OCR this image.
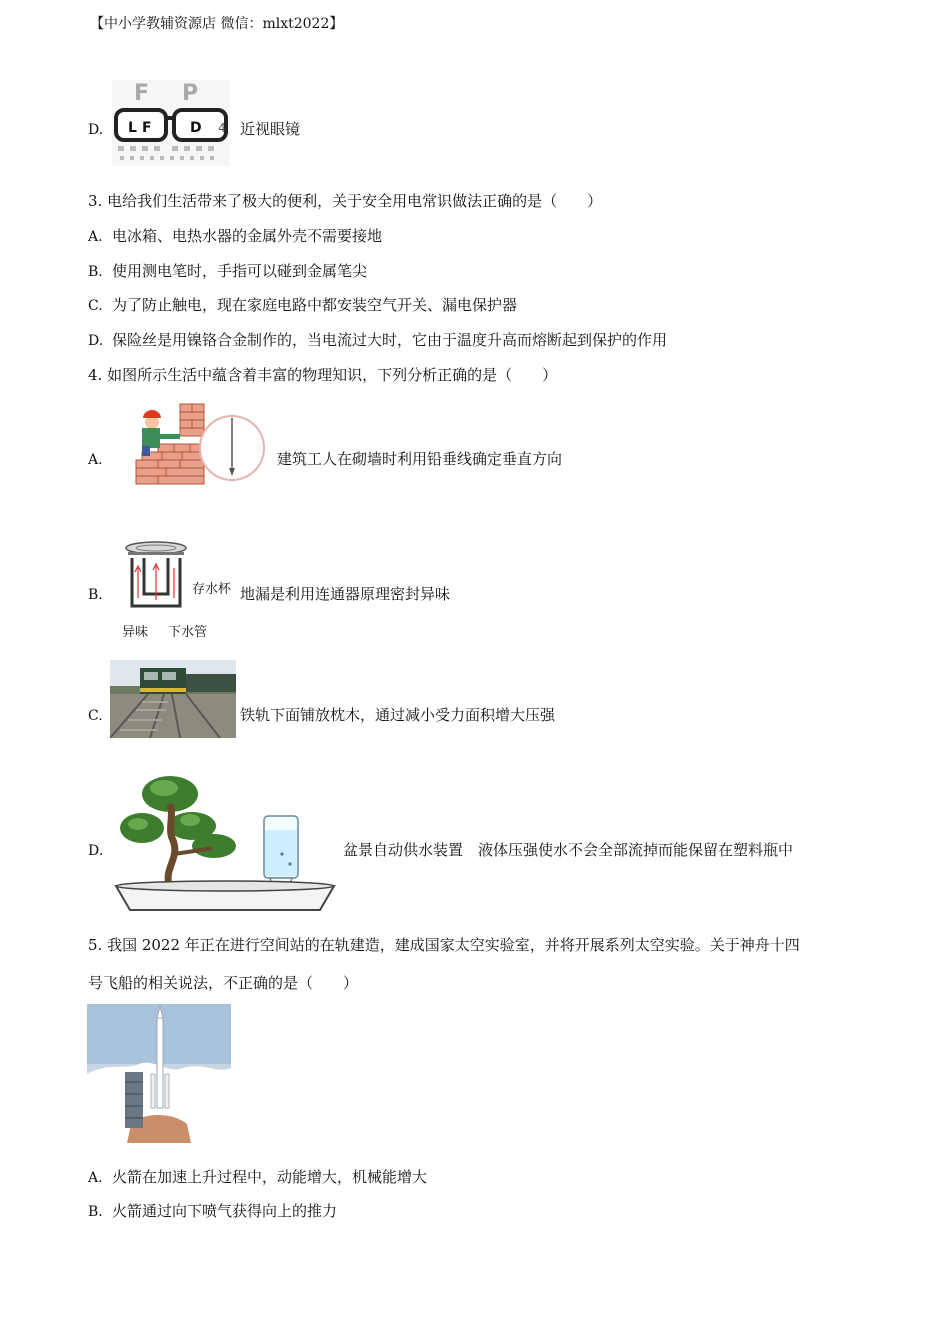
【中小学教辅资源店 微信：mlxt2022】
D.
F P
L F	D 4 近视眼镜
3. 电给我们生活带来了极大的便利，关于安全用电常识做法正确的是（　　）
A. 电冰箱、电热水器的金属外壳不需要接地
B. 使用测电笔时，手指可以碰到金属笔尖
C. 为了防止触电，现在家庭电路中都安装空气开关、漏电保护器
D. 保险丝是用镍铬合金制作的，当电流过大时，它由于温度升高而熔断起到保护的作用
4. 如图所示生活中蕴含着丰富的物理知识，下列分析正确的是（　　）
A.	建筑工人在砌墙时利用铅垂线确定垂直方向
B.	存水杯 地漏是利用连通器原理密封异味
异味 下水管
C.	铁轨下面铺放枕木，通过减小受力面积增大压强
D.	盆景自动供水装置　液体压强使水不会全部流掉而能保留在塑料瓶中
5. 我国 2022 年正在进行空间站的在轨建造，建成国家太空实验室，并将开展系列太空实验。关于神舟十四
号飞船的相关说法，不正确的是（　　）
A. 火箭在加速上升过程中，动能增大，机械能增大
B. 火箭通过向下喷气获得向上的推力
